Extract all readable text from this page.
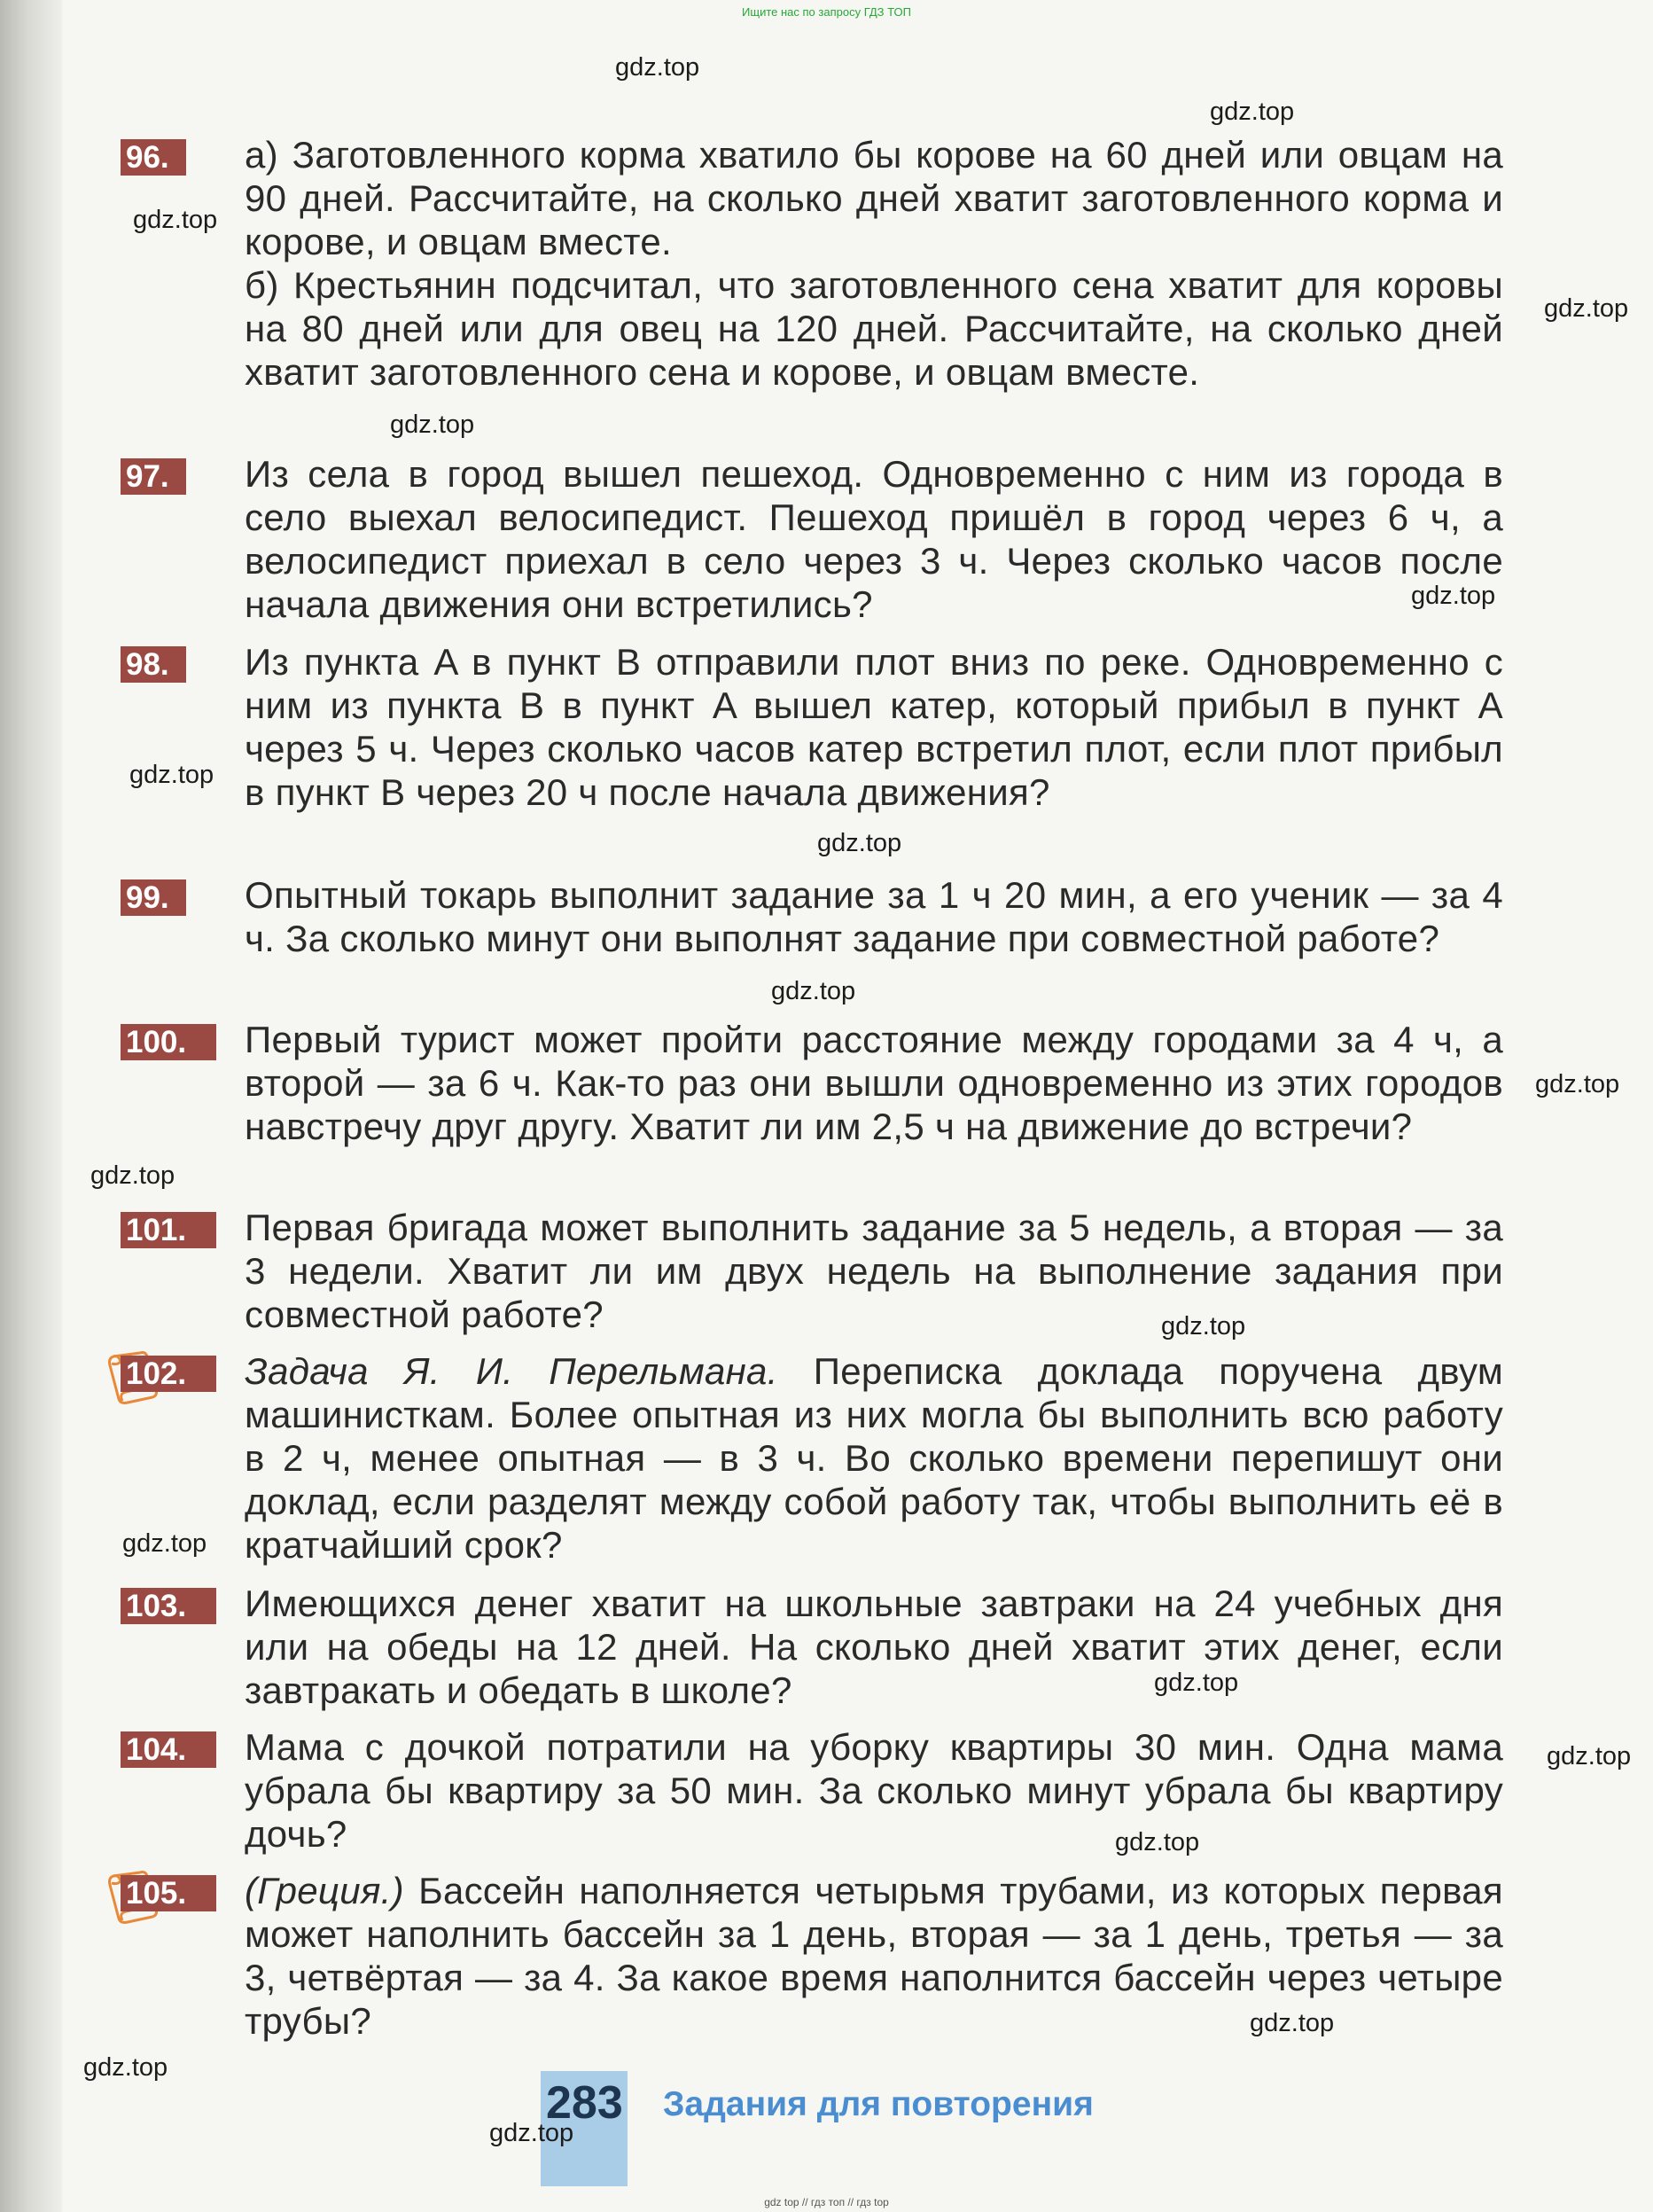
Ищите нас по запросу ГДЗ ТОП
gdz.top
gdz.top
gdz.top
gdz.top
gdz.top
gdz.top
gdz.top
gdz.top
gdz.top
gdz.top
gdz.top
gdz.top
gdz.top
gdz.top
gdz.top
gdz.top
gdz.top
gdz.top
96.	а) Заготовленного корма хватило бы корове на 60 дней или овцам на 90 дней. Рассчитайте, на сколько дней хватит заготовленного корма и корове, и овцам вместе.
б) Крестьянин подсчитал, что заготовленного сена хватит для коровы на 80 дней или для овец на 120 дней. Рассчитайте, на сколько дней хватит заготовленного сена и корове, и овцам вместе.
97.	Из села в город вышел пешеход. Одновременно с ним из города в село выехал велосипедист. Пешеход пришёл в город через 6 ч, а велосипедист приехал в село через 3 ч. Через сколько часов после начала движения они встретились?
98.	Из пункта A в пункт B отправили плот вниз по реке. Одновременно с ним из пункта B в пункт A вышел катер, который прибыл в пункт A через 5 ч. Через сколько часов катер встретил плот, если плот прибыл в пункт B через 20 ч после начала движения?
99.	Опытный токарь выполнит задание за 1 ч 20 мин, а его ученик — за 4 ч. За сколько минут они выполнят задание при совместной работе?
100.	Первый турист может пройти расстояние между городами за 4 ч, а второй — за 6 ч. Как-то раз они вышли одновременно из этих городов навстречу друг другу. Хватит ли им 2,5 ч на движение до встречи?
101.	Первая бригада может выполнить задание за 5 недель, а вторая — за 3 недели. Хватит ли им двух недель на выполнение задания при совместной работе?
102.	Задача Я. И. Перельмана. Переписка доклада поручена двум машинисткам. Более опытная из них могла бы выполнить всю работу в 2 ч, менее опытная — в 3 ч. Во сколько времени перепишут они доклад, если разделят между собой работу так, чтобы выполнить её в кратчайший срок?
103.	Имеющихся денег хватит на школьные завтраки на 24 учебных дня или на обеды на 12 дней. На сколько дней хватит этих денег, если завтракать и обедать в школе?
104.	Мама с дочкой потратили на уборку квартиры 30 мин. Одна мама убрала бы квартиру за 50 мин. За сколько минут убрала бы квартиру дочь?
105.	(Греция.) Бассейн наполняется четырьмя трубами, из которых первая может наполнить бассейн за 1 день, вторая — за 1 день, третья — за 3, четвёртая — за 4. За какое время наполнится бассейн через четыре трубы?
283 Задания для повторения
gdz.top
gdz top // гдз топ // гдз top
